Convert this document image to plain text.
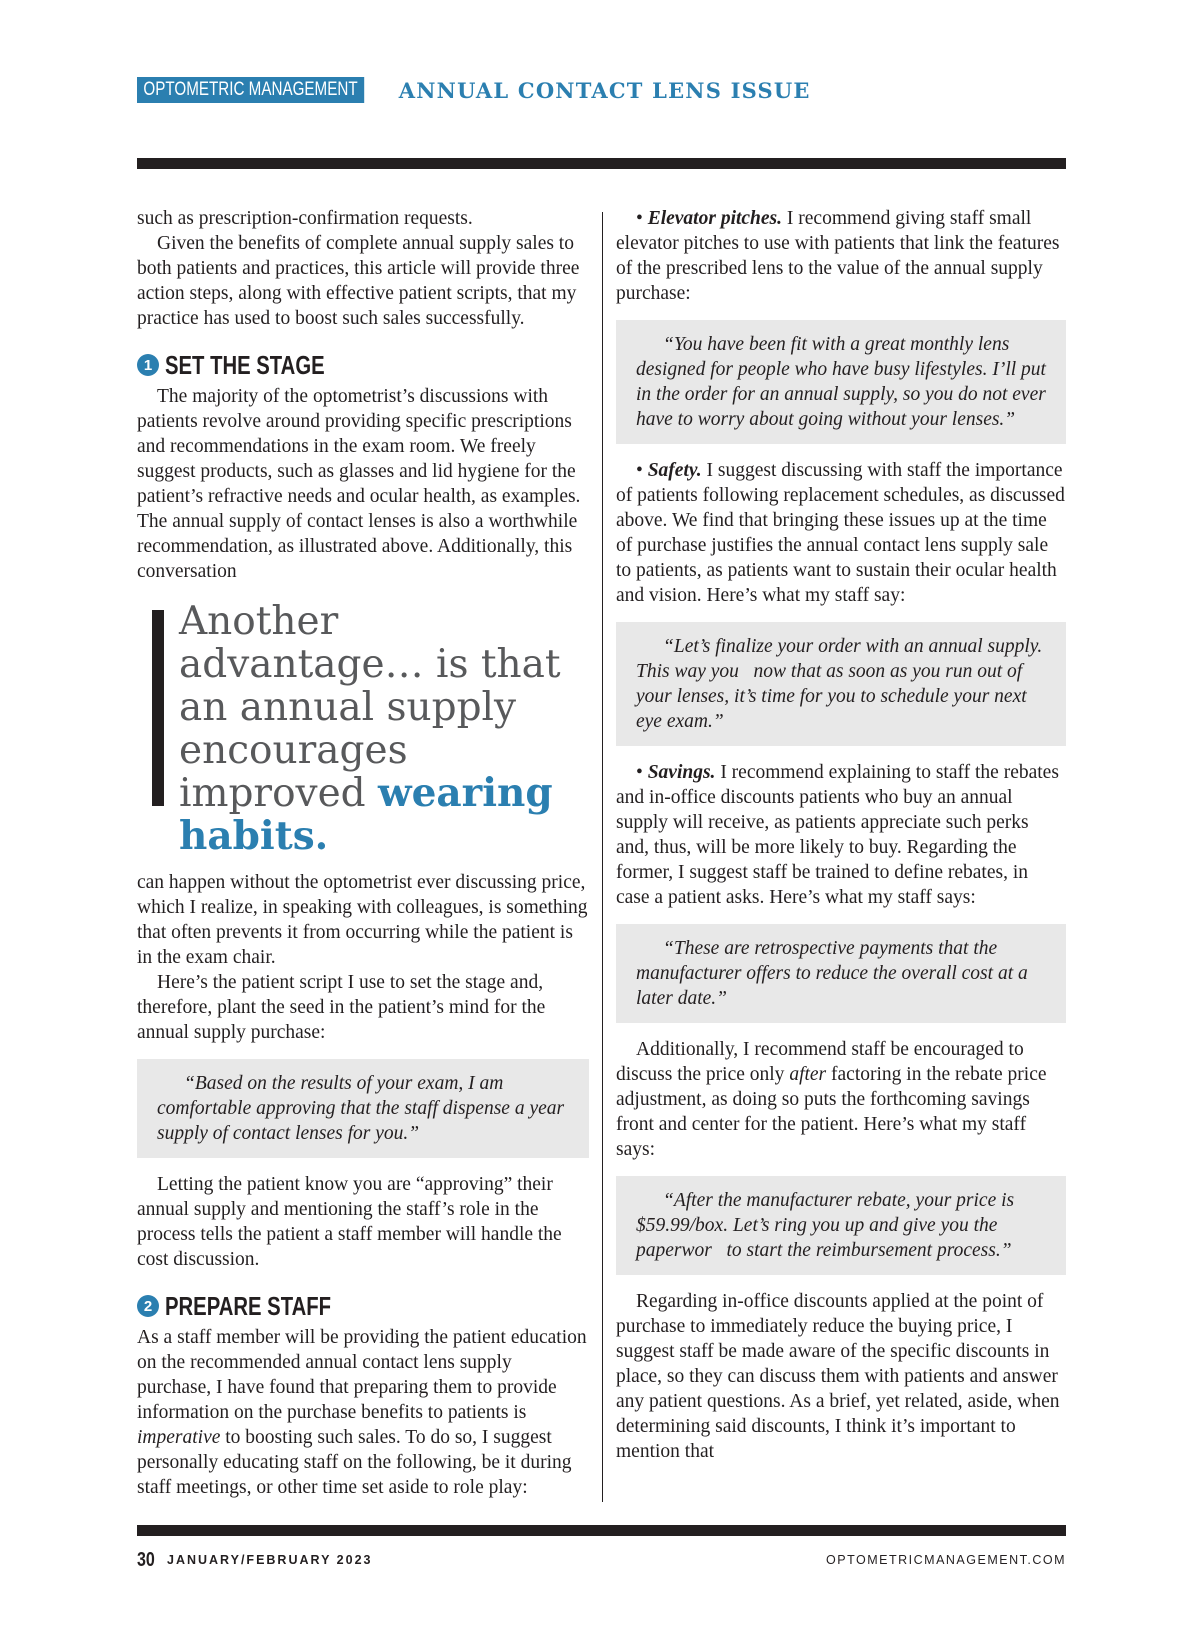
OPTOMETRIC MANAGEMENT	ANNUAL CONTACT LENS ISSUE

such as prescription-confirmation requests.

Given the benefits of complete annual supply sales to both patients and practices, this article will provide three action steps, along with effective patient scripts, that my practice has used to boost such sales successfully.

1 SET THE STAGE

The majority of the optometrist’s discussions with patients revolve around providing specific prescriptions and recommendations in the exam room. We freely suggest products, such as glasses and lid hygiene for the patient’s refractive needs and ocular health, as examples. The annual supply of contact lenses is also a worthwhile recommendation, as illustrated above. Additionally, this conversation

Another advantage… is that an annual supply encourages improved wearing habits.

can happen without the optometrist ever discussing price, which I realize, in speaking with colleagues, is something that often prevents it from occurring while the patient is in the exam chair.

Here’s the patient script I use to set the stage and, therefore, plant the seed in the patient’s mind for the annual supply purchase:

“Based on the results of your exam, I am comfortable approving that the staff dispense a year supply of contact lenses for you.”

Letting the patient know you are “approving” their annual supply and mentioning the staff’s role in the process tells the patient a staff member will handle the cost discussion.

2 PREPARE STAFF

As a staff member will be providing the patient education on the recommended annual contact lens supply purchase, I have found that preparing them to provide information on the purchase benefits to patients is imperative to boosting such sales. To do so, I suggest personally educating staff on the following, be it during staff meetings, or other time set aside to role play:

• Elevator pitches. I recommend giving staff small elevator pitches to use with patients that link the features of the prescribed lens to the value of the annual supply purchase:

“You have been fit with a great monthly lens designed for people who have busy lifestyles. I’ll put in the order for an annual supply, so you do not ever have to worry about going without your lenses.”

• Safety. I suggest discussing with staff the importance of patients following replacement schedules, as discussed above. We find that bringing these issues up at the time of purchase justifies the annual contact lens supply sale to patients, as patients want to sustain their ocular health and vision. Here’s what my staff say:

“Let’s finalize your order with an annual supply. This way you   now that as soon as you run out of your lenses, it’s time for you to schedule your next eye exam.”

• Savings. I recommend explaining to staff the rebates and in-office discounts patients who buy an annual supply will receive, as patients appreciate such perks and, thus, will be more likely to buy. Regarding the former, I suggest staff be trained to define rebates, in case a patient asks. Here’s what my staff says:

“These are retrospective payments that the manufacturer offers to reduce the overall cost at a later date.”

Additionally, I recommend staff be encouraged to discuss the price only after factoring in the rebate price adjustment, as doing so puts the forthcoming savings front and center for the patient. Here’s what my staff says:

“After the manufacturer rebate, your price is $59.99/box. Let’s ring you up and give you the paperwor   to start the reimbursement process.”

Regarding in-office discounts applied at the point of purchase to immediately reduce the buying price, I suggest staff be made aware of the specific discounts in place, so they can discuss them with patients and answer any patient questions. As a brief, yet related, aside, when determining said discounts, I think it’s important to mention that

30 JANUARY/FEBRUARY 2023	OPTOMETRICMANAGEMENT.COM
